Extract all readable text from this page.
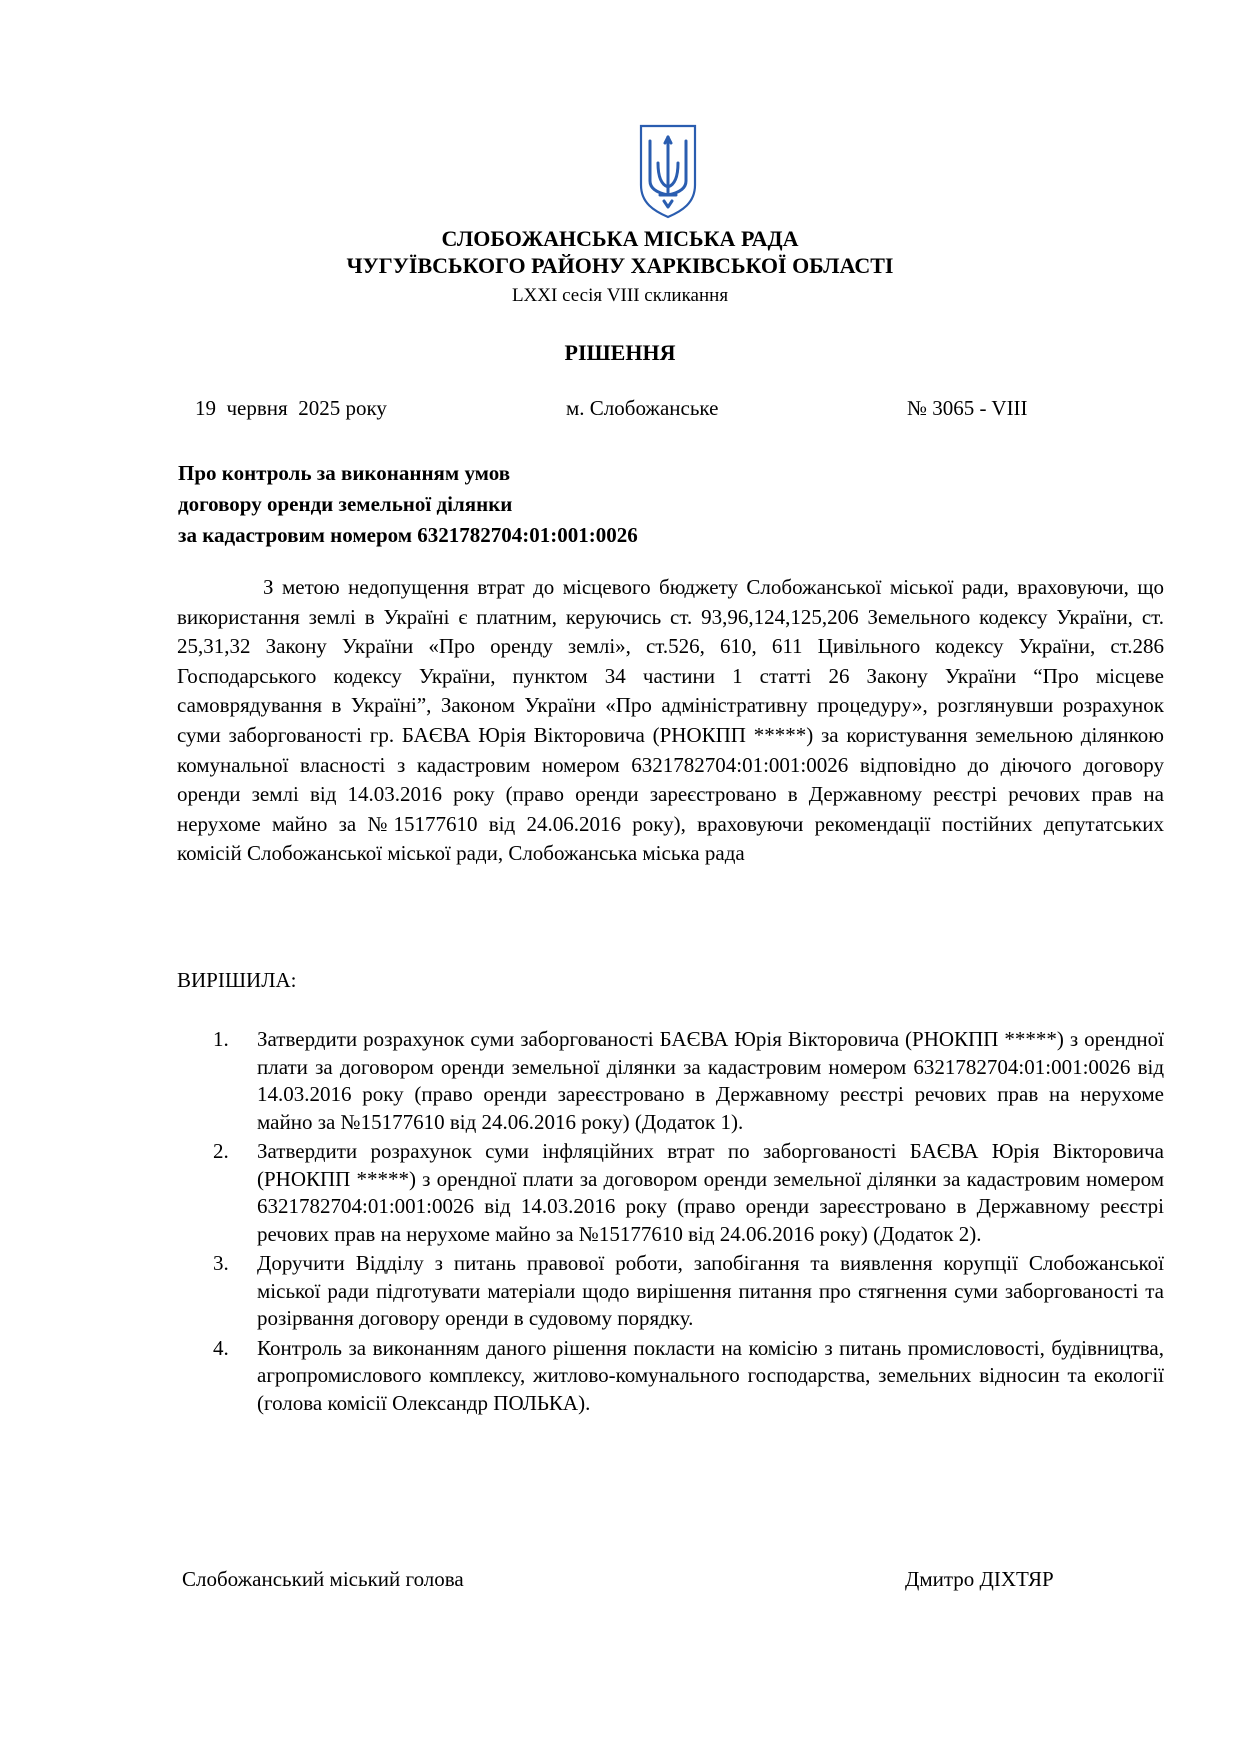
СЛОБОЖАНСЬКА МІСЬКА РАДА
ЧУГУЇВСЬКОГО РАЙОНУ ХАРКІВСЬКОЇ ОБЛАСТІ
LXXI сесія VIII скликання
РІШЕННЯ
19  червня  2025 року	м. Слобожанське	№ 3065 - VIII
Про контроль за виконанням умов
договору оренди земельної ділянки
за кадастровим номером 6321782704:01:001:0026

З метою недопущення втрат до місцевого бюджету Слобожанської міської ради, враховуючи, що використання землі в Україні є платним, керуючись ст. 93,96,124,125,206 Земельного кодексу України, ст. 25,31,32 Закону України «Про оренду землі», ст.526, 610, 611 Цивільного кодексу України, ст.286 Господарського кодексу України, пунктом 34 частини 1 статті 26 Закону України “Про місцеве самоврядування в Україні”, Законом України «Про адміністративну процедуру», розглянувши розрахунок суми заборгованості гр. БАЄВА Юрія Вікторовича (РНОКПП *****) за користування земельною ділянкою комунальної власності з кадастровим номером 6321782704:01:001:0026 відповідно до діючого договору оренди землі від 14.03.2016 року (право оренди зареєстровано в Державному реєстрі речових прав на нерухоме майно за №15177610 від 24.06.2016 року), враховуючи рекомендації постійних депутатських комісій Слобожанської міської ради, Слобожанська міська рада

ВИРІШИЛА:
1. Затвердити розрахунок суми заборгованості БАЄВА Юрія Вікторовича (РНОКПП *****) з орендної плати за договором оренди земельної ділянки за кадастровим номером 6321782704:01:001:0026 від 14.03.2016 року (право оренди зареєстровано в Державному реєстрі речових прав на нерухоме майно за №15177610 від 24.06.2016 року) (Додаток 1).
2. Затвердити розрахунок суми інфляційних втрат по заборгованості БАЄВА Юрія Вікторовича (РНОКПП *****) з орендної плати за договором оренди земельної ділянки за кадастровим номером 6321782704:01:001:0026 від 14.03.2016 року (право оренди зареєстровано в Державному реєстрі речових прав на нерухоме майно за №15177610 від 24.06.2016 року) (Додаток 2).
3. Доручити Відділу з питань правової роботи, запобігання та виявлення корупції Слобожанської міської ради підготувати матеріали щодо вирішення питання про стягнення суми заборгованості та розірвання договору оренди в судовому порядку.
4. Контроль за виконанням даного рішення покласти на комісію з питань промисловості, будівництва, агропромислового комплексу, житлово-комунального господарства, земельних відносин та екології (голова комісії Олександр ПОЛЬКА).
Слобожанський міський голова	Дмитро ДІХТЯР
